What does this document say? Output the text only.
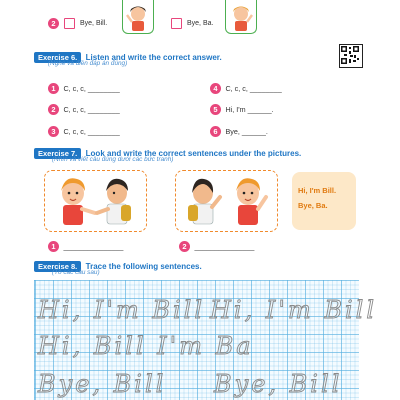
2	Bye, Bill.	Bye, Ba.
Exercise 6. Listen and write the correct answer.
(Nghe và điền đáp án đúng)
1 C, c, c, ________
2 C, c, c, ________
3 C, c, c, ________
4 C, c, c, ________
5 Hi, I'm ______.
6 Bye, ______.
Exercise 7. Look and write the correct sentences under the pictures.
(Nhìn và viết câu đúng dưới các bức tranh)
Hi, I'm Bill.
Bye, Ba.
1 _______________	2 _______________
Exercise 8. Trace the following sentences.
(Tô các câu sau)
Hi, I'm Bill Hi, I'm Bill
Hi, Bill I'm Ba
Bye, Bill Bye, Bill
